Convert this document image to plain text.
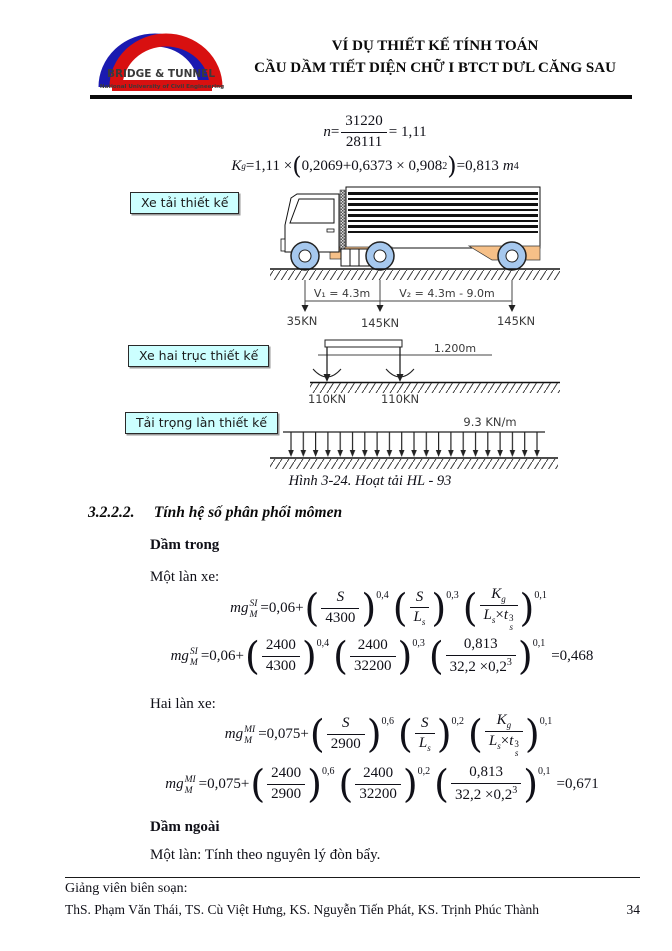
BRIDGE & TUNNEL
National University of Civil Engineering
VÍ DỤ THIẾT KẾ TÍNH TOÁN
CẦU DẦM TIẾT DIỆN CHỮ I BTCT DƯL CĂNG SAU
$n = \frac{31220}{28111} = 1,11$
K g =1,11 × ( 0,2069+0,6373 × 0,908 2 ) =0,813 m 4
Xe tải thiết kế
V₁ = 4.3m	V₂ = 4.3m - 9.0m
35KN	145KN	145KN
Xe hai trục thiết kế	1.200m
110KN	110KN
Tải trọng làn thiết kế	9.3 KN/m
Hình 3-24. Hoạt tải HL - 93
3.2.2.2. Tính hệ số phân phối mômen
Dầm trong
Một làn xe:
mg SI
M =0,06+ ( $\frac{S}{4300}$ ) 0,4 ( $\frac{S}{L_s}$ ) 0,3 ( $K_g$
$L_s\times t$ 3
s ) 0,1
mg SI
M =0,06+ ( $\frac{2400}{4300}$ ) 0,4 ( $\frac{2400}{32200}$ ) 0,3 ( $\frac{0,813}{32,2 \times 0,2^3}$ ) 0,1
=0,468
Hai làn xe:
mg MI
M =0,075+ ( $\frac{S}{2900}$ ) 0,6 ( $\frac{S}{L_s}$ ) 0,2 ( $K_g$
$L_s\times t$ 3
s ) 0,1
mg MI
M =0,075+ ( $\frac{2400}{2900}$ ) 0,6 ( $\frac{2400}{32200}$ ) 0,2 ( $\frac{0,813}{32,2 \times 0,2^3}$ ) 0,1
=0,671
Dầm ngoài
Một làn: Tính theo nguyên lý đòn bẩy.
Giảng viên biên soạn:
ThS. Phạm Văn Thái, TS. Cù Việt Hưng, KS. Nguyễn Tiến Phát, KS. Trịnh Phúc Thành	34
